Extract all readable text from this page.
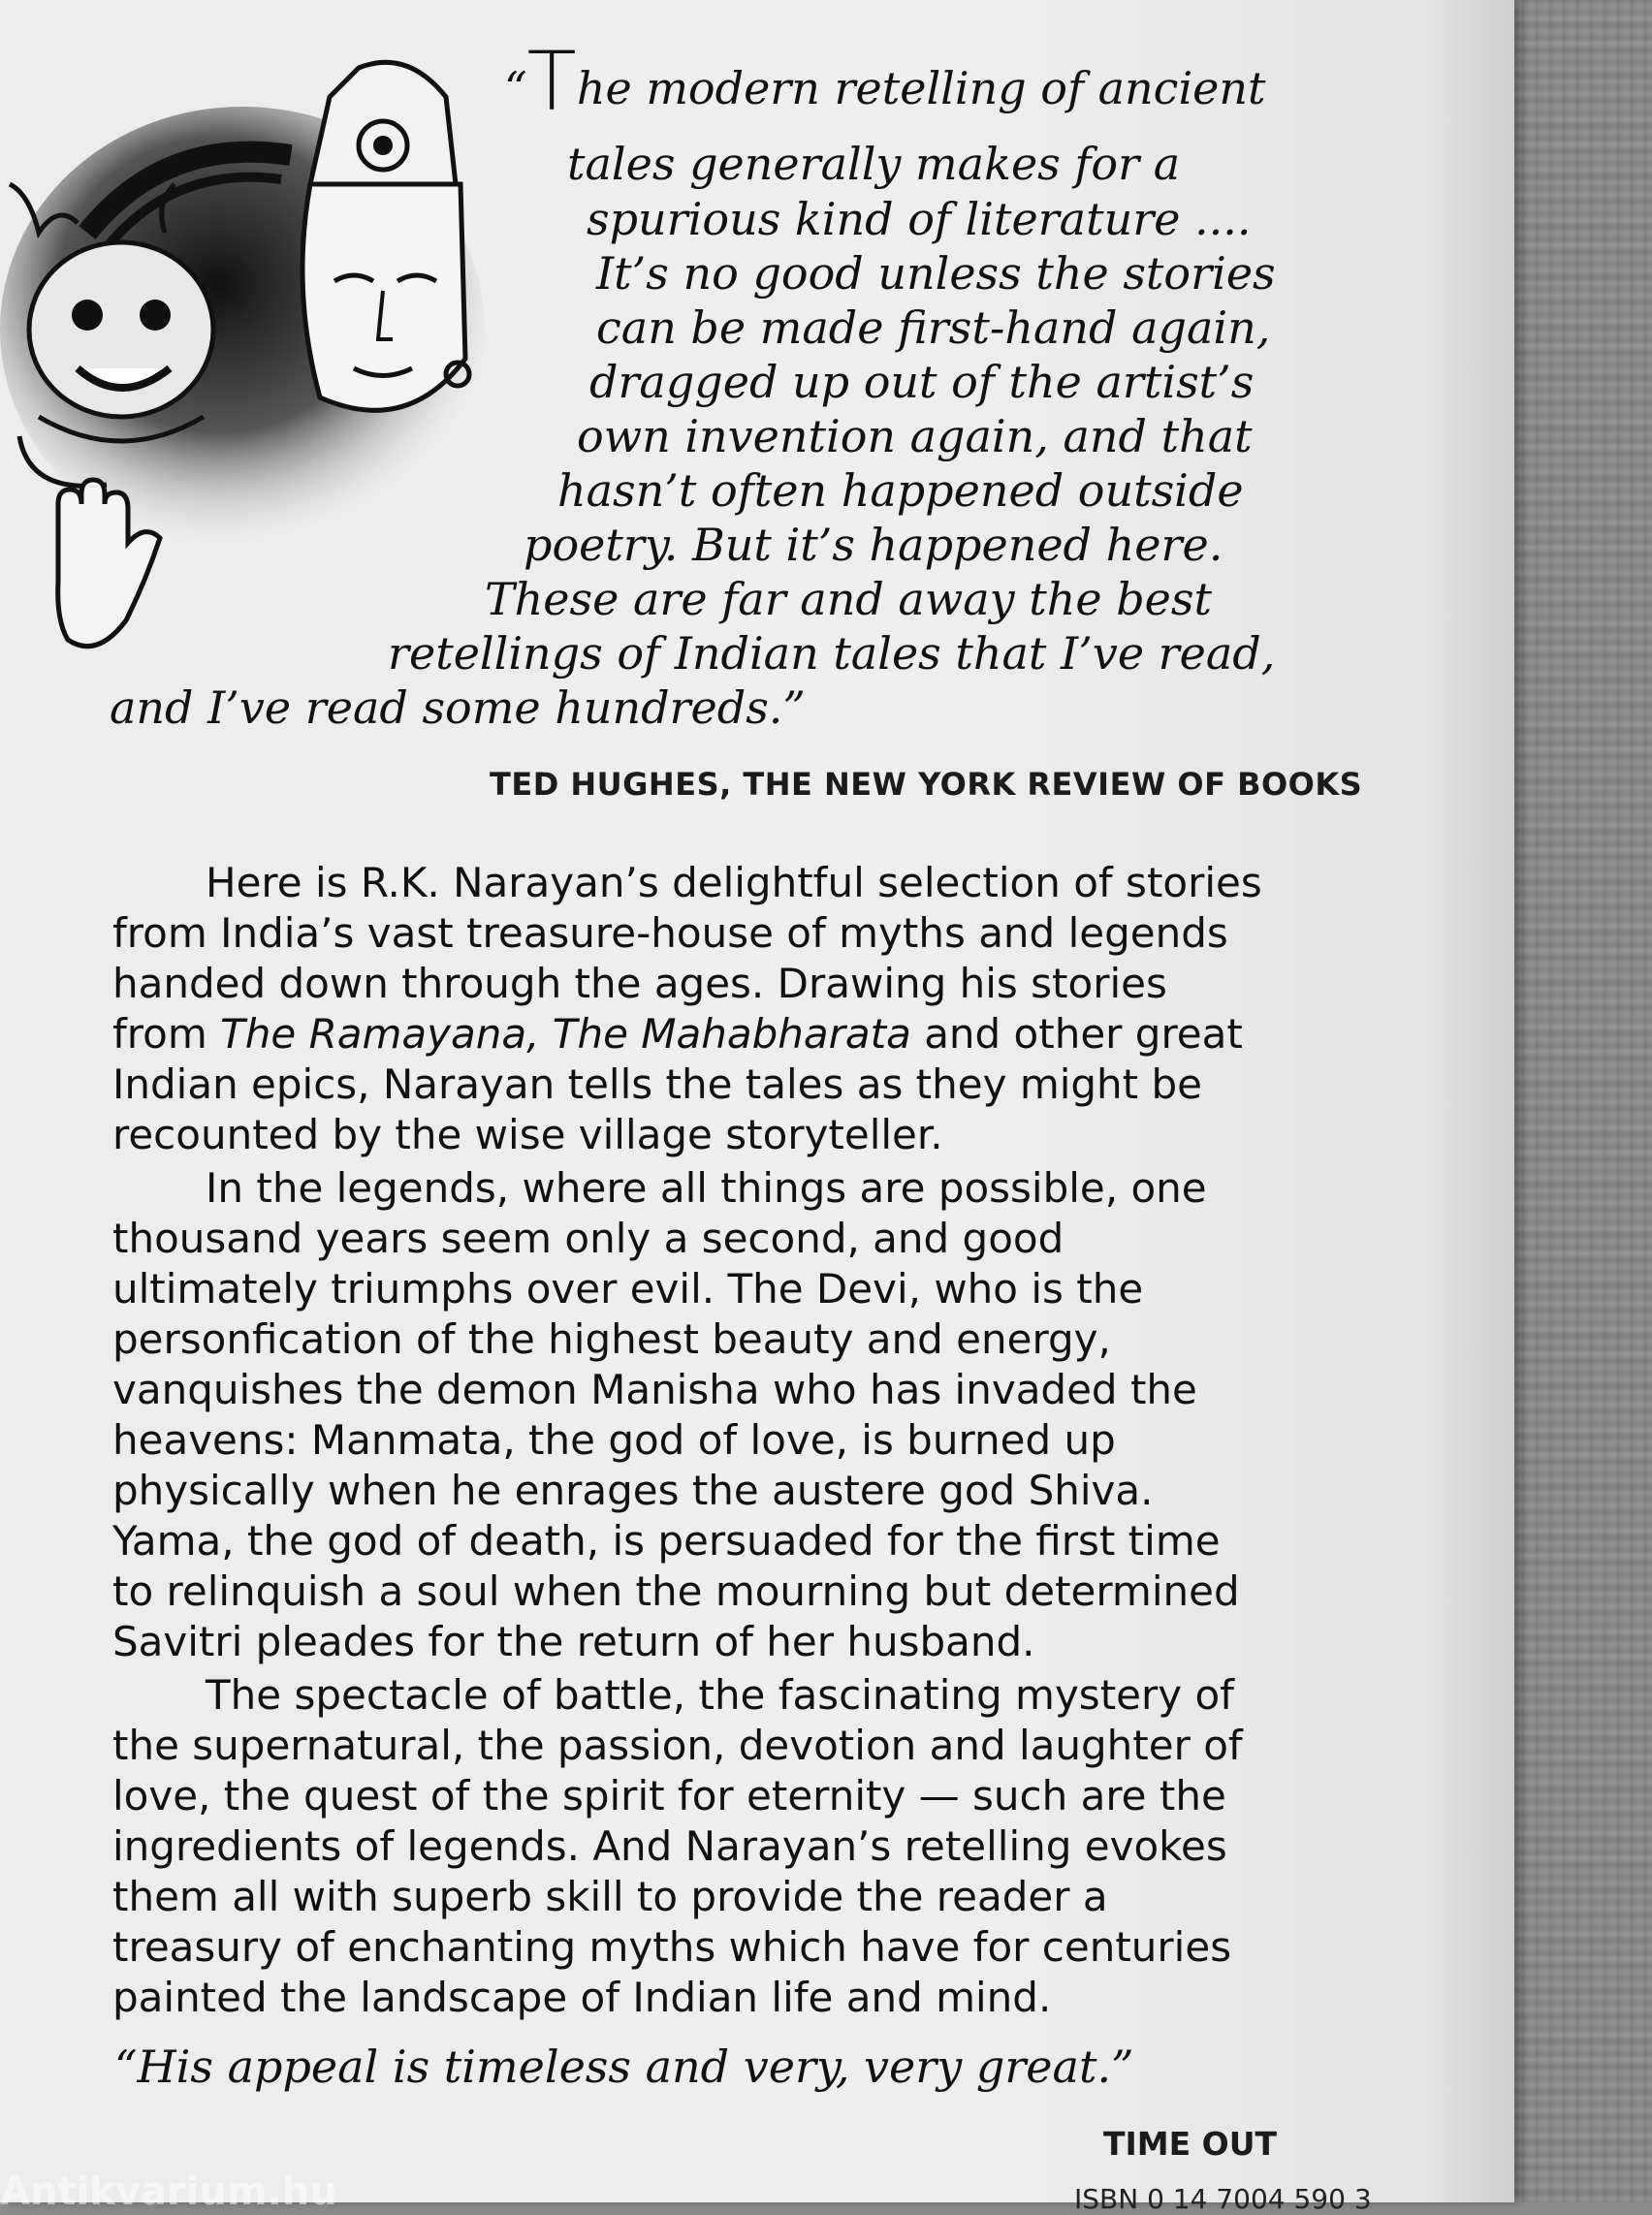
“The modern retelling of ancient
tales generally makes for a
spurious kind of literature ....
It’s no good unless the stories
can be made first-hand again,
dragged up out of the artist’s
own invention again, and that
hasn’t often happened outside
poetry. But it’s happened here.
These are far and away the best
retellings of Indian tales that I’ve read,
and I’ve read some hundreds.”
TED HUGHES, THE NEW YORK REVIEW OF BOOKS
Here is R.K. Narayan’s delightful selection of stories
from India’s vast treasure-house of myths and legends
handed down through the ages. Drawing his stories
from The Ramayana, The Mahabharata and other great
Indian epics, Narayan tells the tales as they might be
recounted by the wise village storyteller.
In the legends, where all things are possible, one
thousand years seem only a second, and good
ultimately triumphs over evil. The Devi, who is the
personfication of the highest beauty and energy,
vanquishes the demon Manisha who has invaded the
heavens: Manmata, the god of love, is burned up
physically when he enrages the austere god Shiva.
Yama, the god of death, is persuaded for the first time
to relinquish a soul when the mourning but determined
Savitri pleades for the return of her husband.
The spectacle of battle, the fascinating mystery of
the supernatural, the passion, devotion and laughter of
love, the quest of the spirit for eternity — such are the
ingredients of legends. And Narayan’s retelling evokes
them all with superb skill to provide the reader a
treasury of enchanting myths which have for centuries
painted the landscape of Indian life and mind.
“His appeal is timeless and very, very great.”
TIME OUT
Antikvarium.hu	ISBN 0 14 7004 590 3
